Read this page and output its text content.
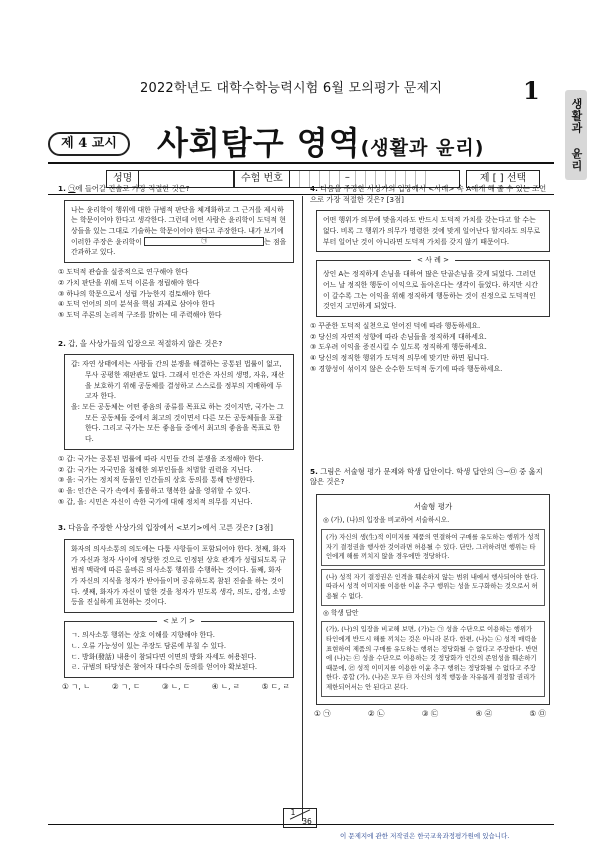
2022학년도 대학수학능력시험 6월 모의평가 문제지	1
생활과 윤리
제 4 교시	사회탐구 영역(생활과 윤리)
성명	수험 번호	–	제 [ ] 선택
1. ㉠에 들어갈 진술로 가장 적절한 것은?
나는 윤리학이 행위에 대한 규범적 판단을 체계화하고 그 근거를 제시하는 학문이어야 한다고 생각한다. 그런데 어떤 사람은 윤리학이 도덕적 현상들을 있는 그대로 기술하는 학문이어야 한다고 주장한다. 내가 보기에 이러한 주장은 윤리학이	㉠	는 점을 간과하고 있다.
① 도덕적 관습을 실증적으로 연구해야 한다
② 가치 판단을 위해 도덕 이론을 정립해야 한다
③ 하나의 학문으로서 성립 가능한지 검토해야 한다
④ 도덕 언어의 의미 분석을 핵심 과제로 삼아야 한다
⑤ 도덕 주론의 논리적 구조를 밝히는 데 주력해야 한다
2. 갑, 을 사상가들의 입장으로 적절하지 않은 것은?
갑: 자연 상태에서는 사람들 간의 분쟁을 해결하는 공통된 법률이 없고, 무사 공평한 재판관도 없다. 그래서 인간은 자신의 생명, 자유, 재산을 보호하기 위해 공동체를 결성하고 스스로를 정부의 지배하에 두고자 한다.
을: 모든 공동체는 어떤 좋음의 종류를 목표로 하는 것이지만, 국가는 그 모든 공동체들 중에서 최고의 것이면서 다른 모든 공동체들을 포괄한다. 그리고 국가는 모든 좋음들 중에서 최고의 좋음을 목표로 한다.
① 갑: 국가는 공통된 법률에 따라 시민들 간의 분쟁을 조정해야 한다.
② 갑: 국가는 자국민을 침해한 외부인들을 처벌할 권력을 지닌다.
③ 을: 국가는 정치적 동물인 인간들의 상호 동의를 통해 탄생한다.
④ 을: 인간은 국가 속에서 훌륭하고 행복한 삶을 영위할 수 있다.
⑤ 갑, 을: 시민은 자신이 속한 국가에 대해 정치적 의무를 지닌다.
3. 다음을 주장한 사상가의 입장에서 <보기>에서 고른 것은? [3점]
화자의 의사소통의 의도에는 다툼 사항들이 포함되어야 한다. 첫째, 화자가 자신과 청자 사이에 정당한 것으로 인정된 상호 관계가 성립되도록 규범적 맥락에 따른 올바른 의사소통 행위를 수행하는 것이다. 둘째, 화자가 자신의 지식을 청자가 받아들이며 공유하도록 참된 진술을 하는 것이다. 셋째, 화자가 자신이 말한 것을 청자가 믿도록 생각, 의도, 감정, 소망 등을 진실하게 표현하는 것이다.
< 보 기 >
ㄱ. 의사소통 행위는 상호 이해를 지향해야 한다.
ㄴ. 오류 가능성이 있는 주장도 담론에 부칠 수 있다.
ㄷ. 방화(發話) 내용이 참되다면 이면의 방화 자세도 허용된다.
ㄹ. 규범의 타당성은 참여자 대다수의 동의를 얻어야 확보된다.
① ㄱ, ㄴ	② ㄱ, ㄷ	③ ㄴ, ㄷ	④ ㄴ, ㄹ	⑤ ㄷ, ㄹ
4. 다음을 주장한 사상가의 입장에서 <사례> 속 A에게 해 줄 수 있는 조언으로 가장 적절한 것은? [3점]
어떤 행위가 의무에 맞을지라도 반드시 도덕적 가치를 갖는다고 할 수는 없다. 비록 그 행위가 의무가 명령한 것에 맞게 일어난다 할지라도 의무로부터 일어난 것이 아니라면 도덕적 가치를 갖지 않기 때문이다.
< 사 례 >
상인 A는 정직하게 손님을 대하여 많은 단골손님을 갖게 되었다. 그러던 어느 날 정직한 행동이 이익으로 돌아온다는 생각이 들었다. 하지만 시간이 갈수록 그는 이익을 위해 정직하게 행동하는 것이 진정으로 도덕적인 것인지 고민하게 되었다.
① 꾸준한 도덕적 실천으로 얻어진 덕에 따라 행동하세요.
② 당신의 자연적 성향에 따라 손님들을 정직하게 대하세요.
③ 도우려 이익을 증진시킬 수 있도록 정직하게 행동하세요.
④ 당신의 정직한 행위가 도덕적 의무에 맞기만 하면 됩니다.
⑤ 경향성이 섞이지 않은 순수한 도덕적 동기에 따라 행동하세요.
5. 그림은 서술형 평가 문제와 학생 답안이다. 학생 답안의 ㉠~㉤ 중 옳지 않은 것은?
서술형 평가
◎ (가), (나)의 입장을 비교하여 서술하시오.
(가) 자신의 생(生)적 이미지를 제품의 연결하여 구매를 유도하는 행위가 성적 자기 결정권을 행사한 것이라면 허용될 수 있다. 단만, 그러하려면 행위는 타인에게 해를 끼치지 않을 경우에만 정당하다.
(나) 성적 자기 결정권은 인격을 훼손하지 않는 범위 내에서 행사되어야 한다. 따라서 성적 이미지를 이용한 이윤 추구 행위는 성을 도구화하는 것으로서 허용될 수 없다.
◎ 학생 답안
(가), (나)의 입장을 비교해 보면, (가)는 ㉠ 성을 수단으로 이용하는 행위가 타인에게 반드시 해를 끼치는 것은 아니라 본다. 한편, (나)는 ㉡ 성적 매력을 표현하여 제품의 구매를 유도하는 행위는 정당화될 수 없다고 주장한다. 반면에 (나)는 ㉢ 성을 수단으로 이용하는 것 정당화가 인간의 존엄성을 훼손하기 때문에, ㉣ 성적 이미지를 이용한 이윤 추구 행위는 정당화될 수 없다고 주장한다. 종합 (가), (나)은 모두 ㉤ 자신의 성적 행동을 자유롭게 결정할 권리가 제한되어서는 안 된다고 본다.
① ㉠	② ㉡	③ ㉢	④ ㉣	⑤ ㉤
1
36
이 문제지에 관한 저작권은 한국교육과정평가원에 있습니다.
